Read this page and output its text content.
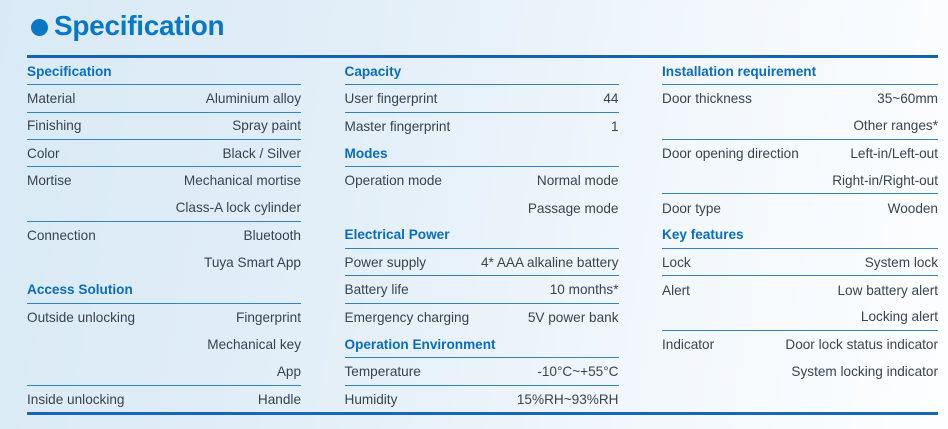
Specification
Specification
Material	Aluminium alloy
Finishing	Spray paint
Color	Black / Silver
Mortise	Mechanical mortise
Class-A lock cylinder
Connection	Bluetooth
Tuya Smart App
Access Solution
Outside unlocking	Fingerprint
Mechanical key
App
Inside unlocking	Handle
Capacity
User fingerprint	44
Master fingerprint	1
Modes
Operation mode	Normal mode
Passage mode
Electrical Power
Power supply	4* AAA alkaline battery
Battery life	10 months*
Emergency charging	5V power bank
Operation Environment
Temperature	-10°C~+55°C
Humidity	15%RH~93%RH
Installation requirement
Door thickness	35~60mm
Other ranges*
Door opening direction	Left-in/Left-out
Right-in/Right-out
Door type	Wooden
Key features
Lock	System lock
Alert	Low battery alert
Locking alert
Indicator	Door lock status indicator
System locking indicator
